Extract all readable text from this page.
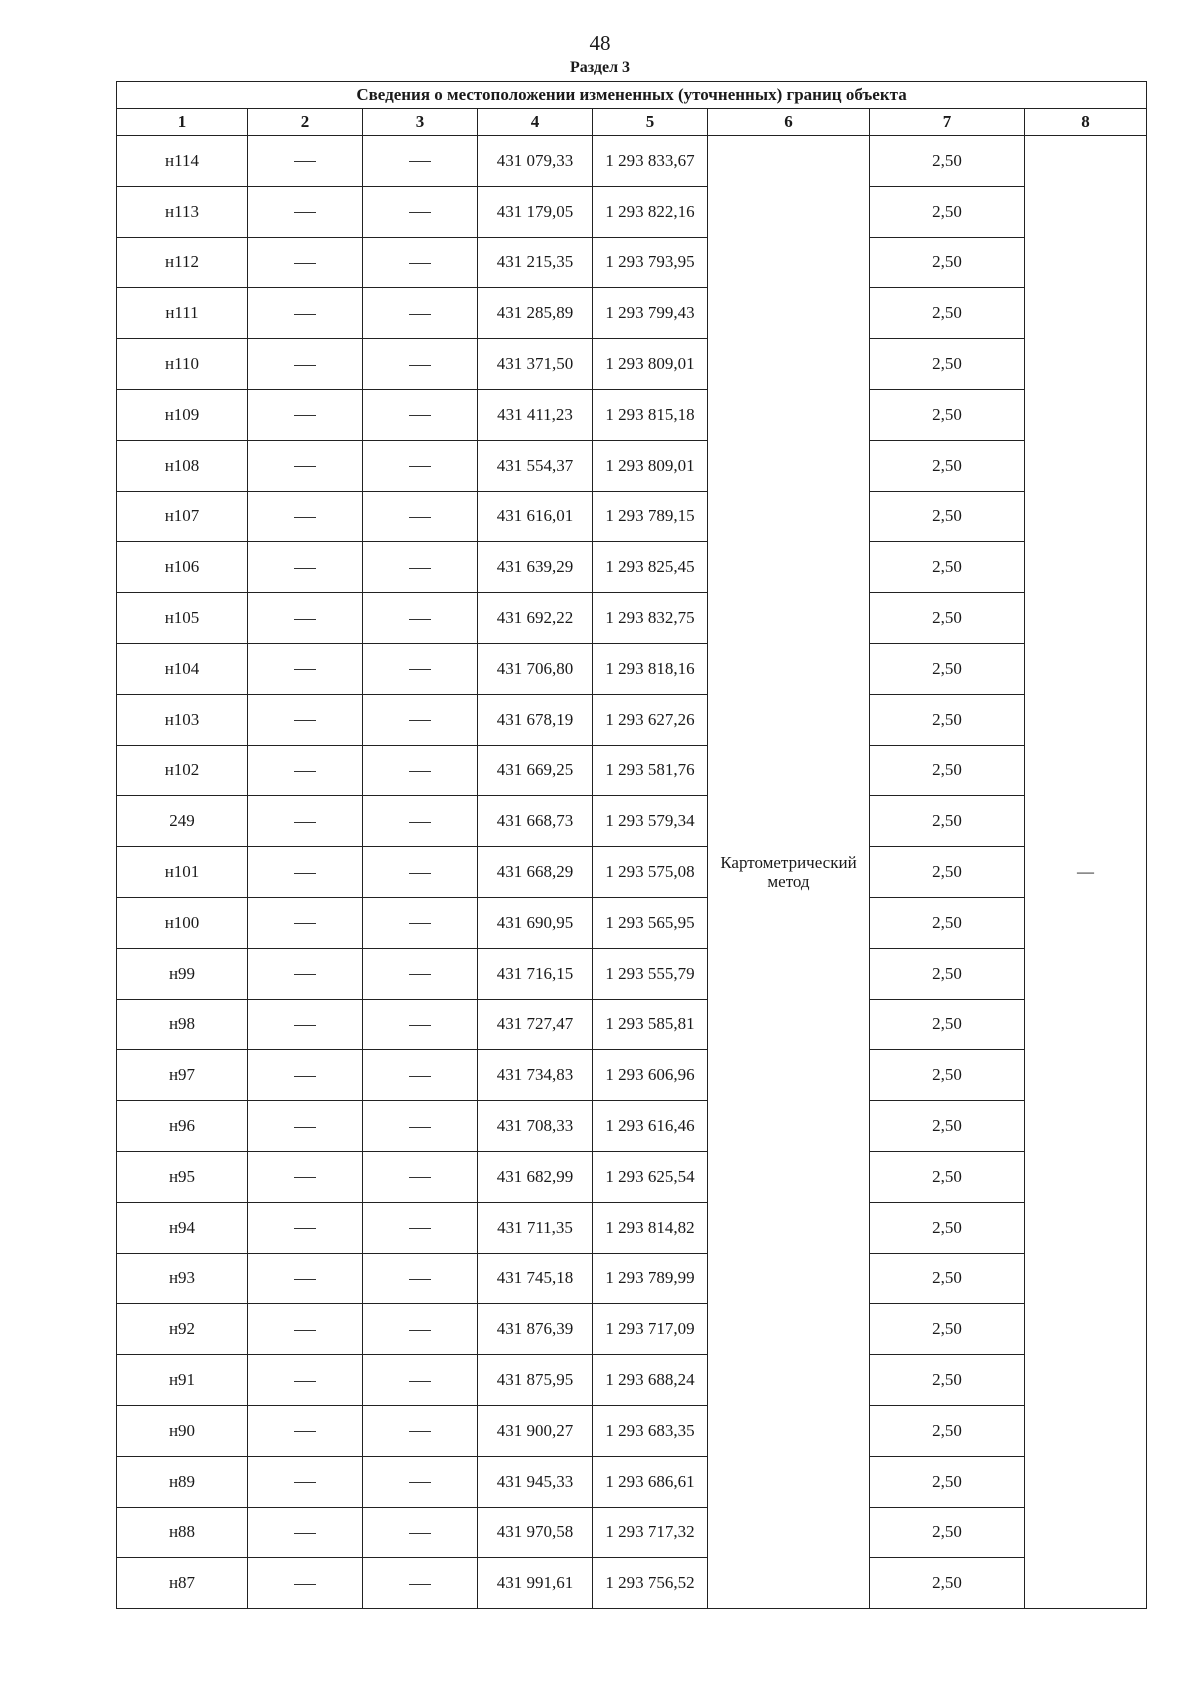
48
Раздел 3
Сведения о местоположении измененных (уточненных) границ объекта							
1	2	3	4	5	6	7	8
н114			431 079,33	1 293 833,67	Картометрический метод	2,50	—
н113			431 179,05	1 293 822,16		2,50	
н112			431 215,35	1 293 793,95		2,50	
н111			431 285,89	1 293 799,43		2,50	
н110			431 371,50	1 293 809,01		2,50	
н109			431 411,23	1 293 815,18		2,50	
н108			431 554,37	1 293 809,01		2,50	
н107			431 616,01	1 293 789,15		2,50	
н106			431 639,29	1 293 825,45		2,50	
н105			431 692,22	1 293 832,75		2,50	
н104			431 706,80	1 293 818,16		2,50	
н103			431 678,19	1 293 627,26		2,50	
н102			431 669,25	1 293 581,76		2,50	
249			431 668,73	1 293 579,34		2,50	
н101			431 668,29	1 293 575,08		2,50	
н100			431 690,95	1 293 565,95		2,50	
н99			431 716,15	1 293 555,79		2,50	
н98			431 727,47	1 293 585,81		2,50	
н97			431 734,83	1 293 606,96		2,50	
н96			431 708,33	1 293 616,46		2,50	
н95			431 682,99	1 293 625,54		2,50	
н94			431 711,35	1 293 814,82		2,50	
н93			431 745,18	1 293 789,99		2,50	
н92			431 876,39	1 293 717,09		2,50	
н91			431 875,95	1 293 688,24		2,50	
н90			431 900,27	1 293 683,35		2,50	
н89			431 945,33	1 293 686,61		2,50	
н88			431 970,58	1 293 717,32		2,50	
н87			431 991,61	1 293 756,52		2,50	
